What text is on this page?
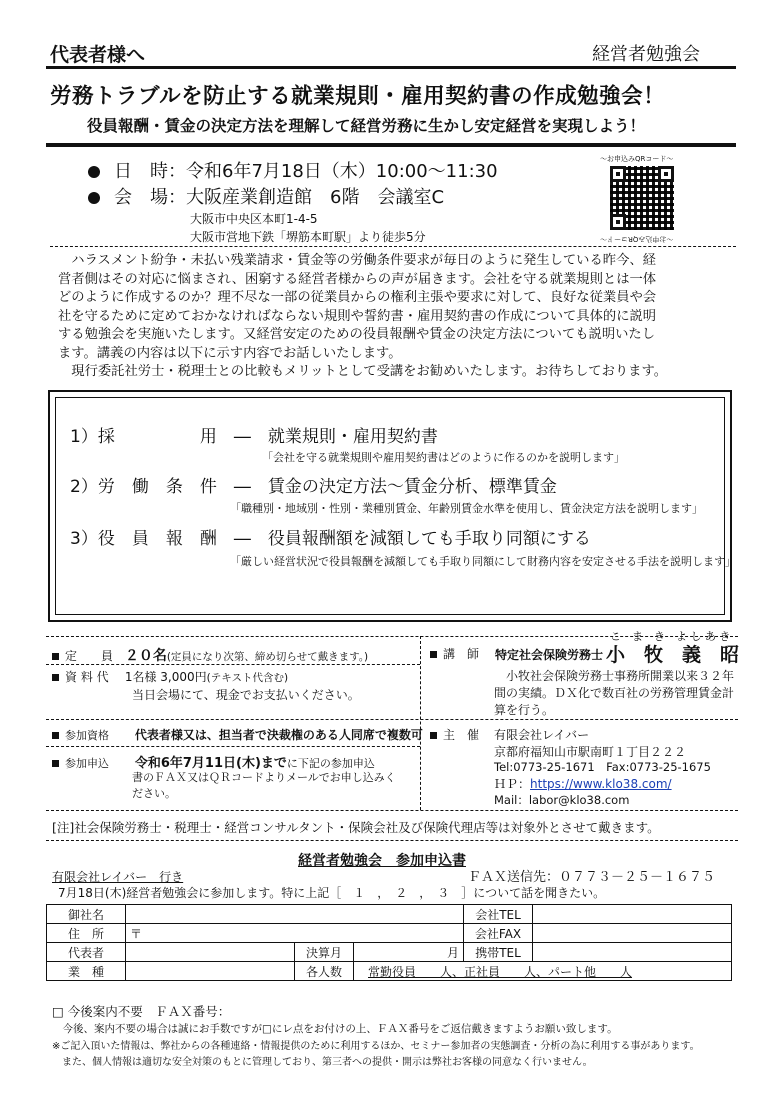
代表者様へ	経営者勉強会
労務トラブルを防止する就業規則・雇用契約書の作成勉強会！
役員報酬・賃金の決定方法を理解して経営労務に生かし安定経営を実現しよう！
日　時：令和6年7月18日（木）10:00〜11:30
会　場：大阪産業創造館　6階　会議室C
大阪市中央区本町1-4-5
大阪市営地下鉄「堺筋本町駅」より徒歩5分
〜お申込みQRコード〜
〜お申込みQRコード〜
　ハラスメント紛争・未払い残業請求・賃金等の労働条件要求が毎日のように発生している昨今、経
営者側はその対応に悩まされ、困窮する経営者様からの声が届きます。会社を守る就業規則とは一体
どのように作成するのか？理不尽な一部の従業員からの権利主張や要求に対して、良好な従業員や会
社を守るために定めておかなければならない規則や誓約書・雇用契約書の作成について具体的に説明
する勉強会を実施いたします。又経営安定のための役員報酬や賃金の決定方法についても説明いたし
ます。講義の内容は以下に示す内容でお話しいたします。
　現行委託社労士・税理士との比較もメリットとして受講をお勧めいたします。お待ちしております。
1）採　　　　　用　 ―　 就業規則・雇用契約書
「会社を守る就業規則や雇用契約書はどのように作るのかを説明します」
2）労　働　条　件　 ―　 賃金の決定方法〜賃金分析、標準賃金
「職種別・地域別・性別・業種別賃金、年齢別賃金水準を使用し、賃金決定方法を説明します」
3）役　員　報　酬　 ―　 役員報酬額を減額しても手取り同額にする
「厳しい経営状況で役員報酬を減額しても手取り同額にして財務内容を安定させる手法を説明します」
定　　員 ２０名(定員になり次第、締め切らせて戴きます。)
資 料 代 1名様 3,000円(テキスト代含む)
当日会場にて、現金でお支払いください。
参加資格 代表者様又は、担当者で決裁権のある人同席で複数可
参加申込 令和6年7月11日(木)までに下記の参加申込
書のＦＡＸ又はＱＲコードよりメールでお申し込みく
ださい。
講　師
こ　ま　き　よ し あ き
特定社会保険労務士 小　牧　義　昭
小牧社会保険労務士事務所開業以来３２年
間の実績。ＤＸ化で数百社の労務管理賃金計
算を行う。
主　催 有限会社レイバー
京都府福知山市駅南町１丁目２２２
Tel:0773-25-1671　Fax:0773-25-1675
ＨＰ：https://www.klo38.com/
Mail：labor@klo38.com
[注]社会保険労務士・税理士・経営コンサルタント・保険会社及び保険代理店等は対象外とさせて戴きます。
経営者勉強会　参加申込書
有限会社レイバー　行き	ＦＡＸ送信先：０７７３－２５－１６７５
7月18日(木)経営者勉強会に参加します。特に上記［　１　，　２　，　３　］について話を聞きたい。
御社名				会社TEL	
住　所	〒			会社FAX	
代表者		決算月	月	携帯TEL	
業　種		各人数	常勤役員　　人、正社員　　人、パート他　　人		
□ 今後案内不要　ＦＡＸ番号：
　今後、案内不要の場合は誠にお手数ですが□にレ点をお付けの上、ＦＡＸ番号をご返信戴きますようお願い致します。
※ご記入頂いた情報は、弊社からの各種連絡・情報提供のために利用するほか、セミナー参加者の実態調査・分析の為に利用する事があります。
　また、個人情報は適切な安全対策のもとに管理しており、第三者への提供・開示は弊社お客様の同意なく行いません。
